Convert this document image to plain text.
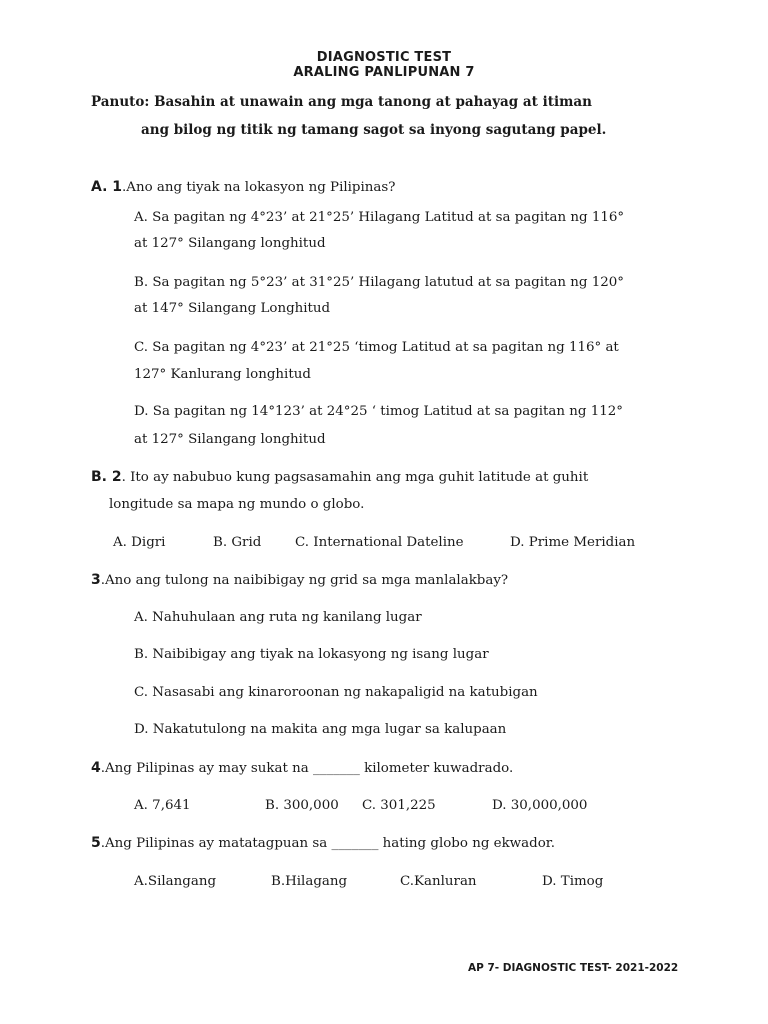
DIAGNOSTIC TEST
ARALING PANLIPUNAN 7
Panuto: Basahin at unawain ang mga tanong at pahayag at itiman
ang bilog ng titik ng tamang sagot sa inyong sagutang papel.
A. 1.Ano ang tiyak na lokasyon ng Pilipinas?
A. Sa pagitan ng 4°23’ at 21°25’ Hilagang Latitud at sa pagitan ng 116°
at 127° Silangang longhitud
B. Sa pagitan ng 5°23’ at 31°25’ Hilagang latutud at sa pagitan ng 120°
at 147° Silangang Longhitud
C. Sa pagitan ng 4°23’ at 21°25 ‘timog Latitud at sa pagitan ng 116° at
127° Kanlurang longhitud
D. Sa pagitan ng 14°123’ at 24°25 ‘ timog Latitud at sa pagitan ng 112°
at 127° Silangang longhitud
B. 2. Ito ay nabubuo kung pagsasamahin ang mga guhit latitude at guhit
longitude sa mapa ng mundo o globo.
A. Digri	B. Grid	C. International Dateline	D. Prime Meridian
3.Ano ang tulong na naibibigay ng grid sa mga manlalakbay?
A. Nahuhulaan ang ruta ng kanilang lugar
B. Naibibigay ang tiyak na lokasyong ng isang lugar
C. Nasasabi ang kinaroroonan ng nakapaligid na katubigan
D. Nakatutulong na makita ang mga lugar sa kalupaan
4.Ang Pilipinas ay may sukat na _______ kilometer kuwadrado.
A. 7,641	B. 300,000 C. 301,225	D. 30,000,000
5.Ang Pilipinas ay matatagpuan sa _______ hating globo ng ekwador.
A.Silangang	B.Hilagang	C.Kanluran	D. Timog
AP 7- DIAGNOSTIC TEST- 2021-2022
